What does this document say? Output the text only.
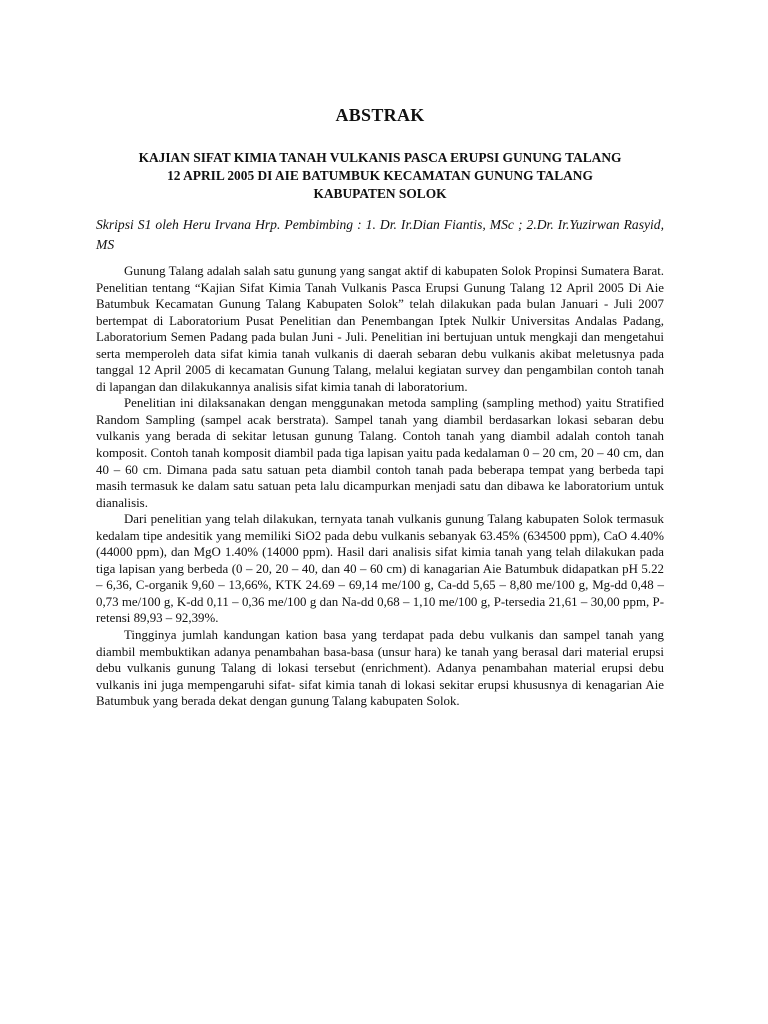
ABSTRAK
KAJIAN SIFAT KIMIA TANAH VULKANIS PASCA ERUPSI GUNUNG TALANG
12 APRIL 2005 DI AIE BATUMBUK KECAMATAN GUNUNG TALANG
KABUPATEN SOLOK
Skripsi S1 oleh Heru Irvana Hrp. Pembimbing : 1. Dr. Ir.Dian Fiantis, MSc ; 2.Dr. Ir.Yuzirwan Rasyid, MS

Gunung Talang adalah salah satu gunung yang sangat aktif di kabupaten Solok Propinsi Sumatera Barat. Penelitian tentang “Kajian Sifat Kimia Tanah Vulkanis Pasca Erupsi Gunung Talang 12 April 2005 Di Aie Batumbuk Kecamatan Gunung Talang Kabupaten Solok” telah dilakukan pada bulan Januari - Juli 2007 bertempat di Laboratorium Pusat Penelitian dan Penembangan Iptek Nulkir Universitas Andalas Padang, Laboratorium Semen Padang pada bulan Juni - Juli. Penelitian ini bertujuan untuk mengkaji dan mengetahui serta memperoleh data sifat kimia tanah vulkanis di daerah sebaran debu vulkanis akibat meletusnya pada tanggal 12 April 2005 di kecamatan Gunung Talang, melalui kegiatan survey dan pengambilan contoh tanah di lapangan dan dilakukannya analisis sifat kimia tanah di laboratorium.

Penelitian ini dilaksanakan dengan menggunakan metoda sampling (sampling method) yaitu Stratified Random Sampling (sampel acak berstrata). Sampel tanah yang diambil berdasarkan lokasi sebaran debu vulkanis yang berada di sekitar letusan gunung Talang. Contoh tanah yang diambil adalah contoh tanah komposit. Contoh tanah komposit diambil pada tiga lapisan yaitu pada kedalaman 0 – 20 cm, 20 – 40 cm, dan 40 – 60 cm. Dimana pada satu satuan peta diambil contoh tanah pada beberapa tempat yang berbeda tapi masih termasuk ke dalam satu satuan peta lalu dicampurkan menjadi satu dan dibawa ke laboratorium untuk dianalisis.

Dari penelitian yang telah dilakukan, ternyata tanah vulkanis gunung Talang kabupaten Solok termasuk kedalam tipe andesitik yang memiliki SiO2 pada debu vulkanis sebanyak 63.45% (634500 ppm), CaO 4.40% (44000 ppm), dan MgO 1.40% (14000 ppm). Hasil dari analisis sifat kimia tanah yang telah dilakukan pada tiga lapisan yang berbeda (0 – 20, 20 – 40, dan 40 – 60 cm) di kanagarian Aie Batumbuk didapatkan pH 5.22 – 6,36, C-organik 9,60 – 13,66%, KTK 24.69 – 69,14 me/100 g, Ca-dd 5,65 – 8,80 me/100 g, Mg-dd 0,48 – 0,73 me/100 g, K-dd 0,11 – 0,36 me/100 g dan Na-dd 0,68 – 1,10 me/100 g, P-tersedia 21,61 – 30,00 ppm, P-retensi 89,93 – 92,39%.

Tingginya jumlah kandungan kation basa yang terdapat pada debu vulkanis dan sampel tanah yang diambil membuktikan adanya penambahan basa-basa (unsur hara) ke tanah yang berasal dari material erupsi debu vulkanis gunung Talang di lokasi tersebut (enrichment). Adanya penambahan material erupsi debu vulkanis ini juga mempengaruhi sifat- sifat kimia tanah di lokasi sekitar erupsi khususnya di kenagarian Aie Batumbuk yang berada dekat dengan gunung Talang kabupaten Solok.
